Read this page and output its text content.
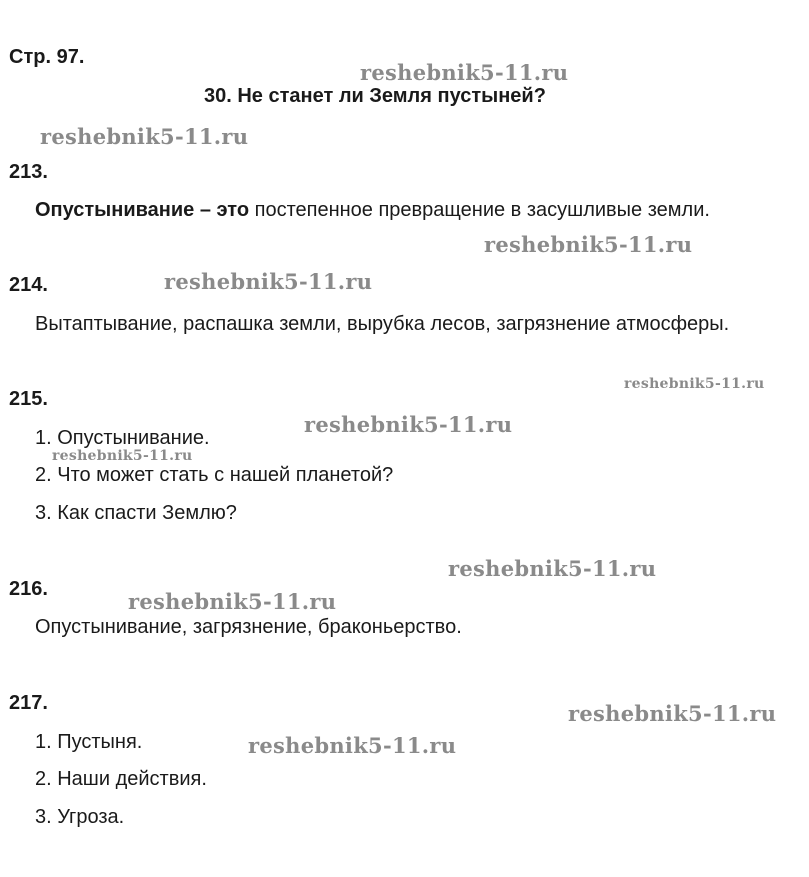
reshebnik5-11.ru
reshebnik5-11.ru
reshebnik5-11.ru
reshebnik5-11.ru
reshebnik5-11.ru
reshebnik5-11.ru
reshebnik5-11.ru
reshebnik5-11.ru
reshebnik5-11.ru
reshebnik5-11.ru
reshebnik5-11.ru
Стр. 97.
30. Не станет ли Земля пустыней?
213.
Опустынивание – это постепенное превращение в засушливые земли.
214.
Вытаптывание, распашка земли, вырубка лесов, загрязнение атмосферы.
215.
1. Опустынивание.
2. Что может стать с нашей планетой?
3. Как спасти Землю?
216.
Опустынивание, загрязнение, браконьерство.
217.
1. Пустыня.
2. Наши действия.
3. Угроза.
